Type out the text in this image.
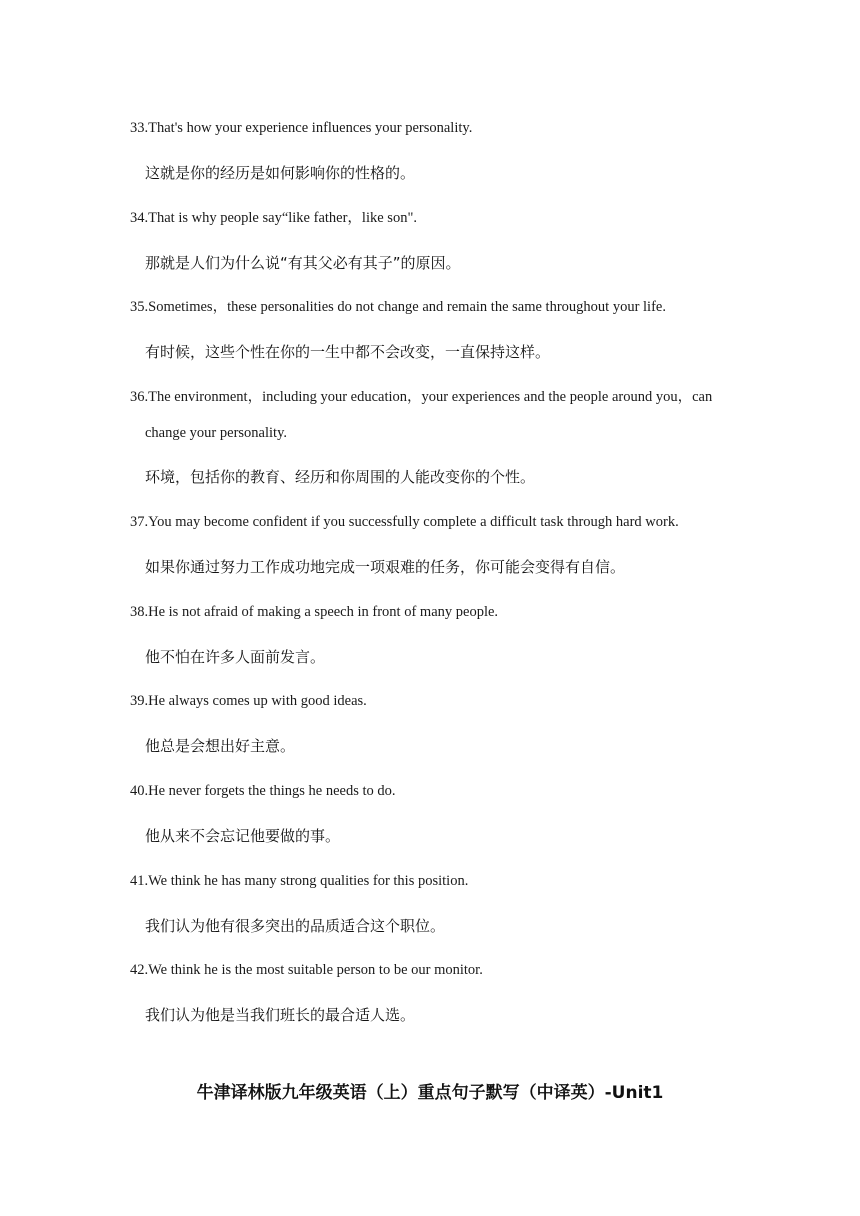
33.That's how your experience influences your personality.
这就是你的经历是如何影响你的性格的。
34.That is why people say“like father，like son".
那就是人们为什么说“有其父必有其子”的原因。
35.Sometimes，these personalities do not change and remain the same throughout your life.
有时候，这些个性在你的一生中都不会改变，一直保持这样。
36.The environment，including your education，your experiences and the people around you，can
change your personality.
环境，包括你的教育、经历和你周围的人能改变你的个性。
37.You may become confident if you successfully complete a difficult task through hard work.
如果你通过努力工作成功地完成一项艰难的任务，你可能会变得有自信。
38.He is not afraid of making a speech in front of many people.
他不怕在许多人面前发言。
39.He always comes up with good ideas.
他总是会想出好主意。
40.He never forgets the things he needs to do.
他从来不会忘记他要做的事。
41.We think he has many strong qualities for this position.
我们认为他有很多突出的品质适合这个职位。
42.We think he is the most suitable person to be our monitor.
我们认为他是当我们班长的最合适人选。
牛津译林版九年级英语（上）重点句子默写（中译英）-Unit1
